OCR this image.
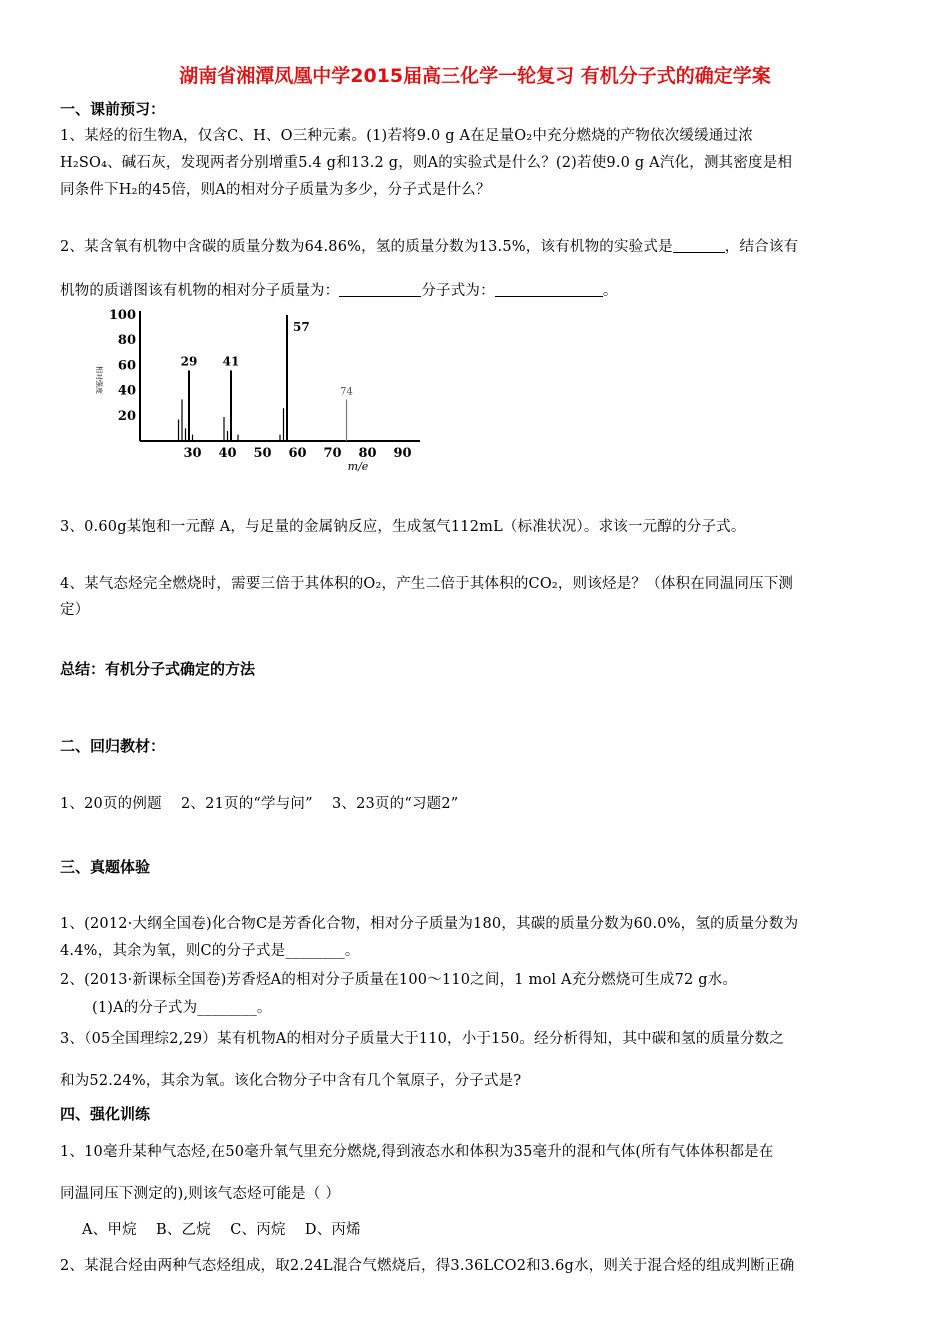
湖南省湘潭凤凰中学2015届高三化学一轮复习 有机分子式的确定学案
一、课前预习：
1、某烃的衍生物A，仅含C、H、O三种元素。(1)若将9.0 g A在足量O₂中充分燃烧的产物依次缓缓通过浓
H₂SO₄、碱石灰，发现两者分别增重5.4 g和13.2 g，则A的实验式是什么？(2)若使9.0 g A汽化，测其密度是相
同条件下H₂的45倍，则A的相对分子质量为多少，分子式是什么？
2、某含氧有机物中含碳的质量分数为64.86%，氢的质量分数为13.5%，该有机物的实验式是	，结合该有
机物的质谱图该有机物的相对分子质量为：	分子式为：	。
20
40
60
80
100
30 40 50 60 70 80 90
m/e
相对强度
29 41
57
74
3、0.60g某饱和一元醇 A，与足量的金属钠反应，生成氢气112mL（标准状况）。求该一元醇的分子式。
4、某气态烃完全燃烧时，需要三倍于其体积的O₂，产生二倍于其体积的CO₂，则该烃是？（体积在同温同压下测
定）
总结：有机分子式确定的方法
二、回归教材：
1、20页的例题    2、21页的“学与问”    3、23页的“习题2”
三、真题体验
1、(2012·大纲全国卷)化合物C是芳香化合物，相对分子质量为180，其碳的质量分数为60.0%，氢的质量分数为
4.4%，其余为氧，则C的分子式是________。
2、(2013·新课标全国卷)芳香烃A的相对分子质量在100～110之间，1 mol A充分燃烧可生成72 g水。
(1)A的分子式为________。
3、（05全国理综2,29）某有机物A的相对分子质量大于110，小于150。经分析得知，其中碳和氢的质量分数之
和为52.24%，其余为氧。该化合物分子中含有几个氧原子，分子式是?
四、强化训练
1、10毫升某种气态烃,在50毫升氧气里充分燃烧,得到液态水和体积为35毫升的混和气体(所有气体体积都是在
同温同压下测定的),则该气态烃可能是（ ）
A、甲烷 B、乙烷 C、丙烷 D、丙烯
2、某混合烃由两种气态烃组成，取2.24L混合气燃烧后，得3.36LCO2和3.6g水，则关于混合烃的组成判断正确
